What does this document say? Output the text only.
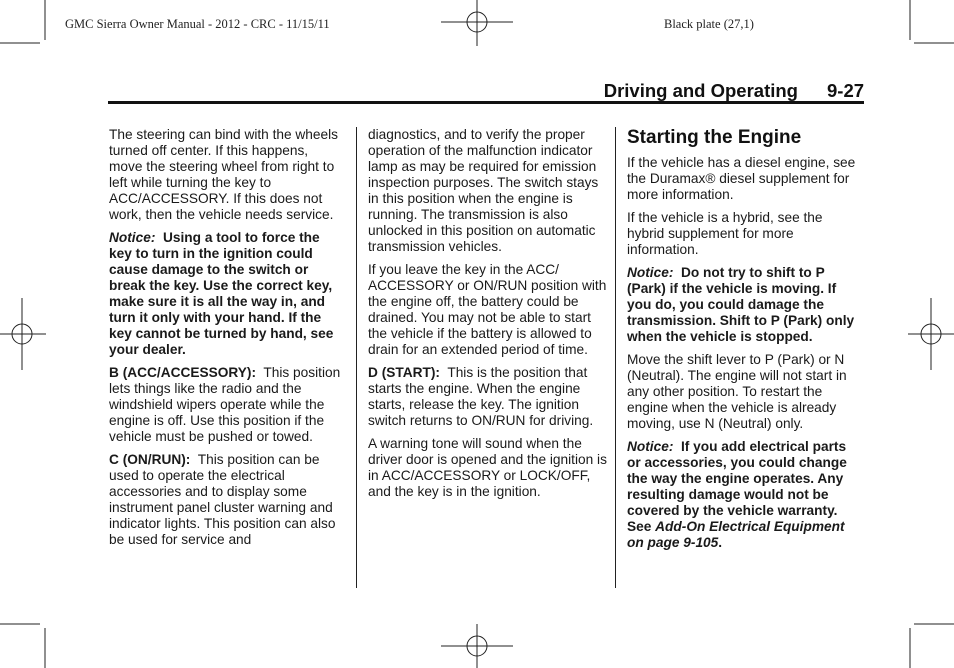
GMC Sierra Owner Manual - 2012 - CRC - 11/15/11	Black plate (27,1)
Driving and Operating 9-27

The steering can bind with the wheels turned off center. If this happens, move the steering wheel from right to left while turning the key to ACC/ACCESSORY. If this does not work, then the vehicle needs service.

Notice: Using a tool to force the key to turn in the ignition could cause damage to the switch or break the key. Use the correct key, make sure it is all the way in, and turn it only with your hand. If the key cannot be turned by hand, see your dealer.

B (ACC/ACCESSORY): This position lets things like the radio and the windshield wipers operate while the engine is off. Use this position if the vehicle must be pushed or towed.

C (ON/RUN): This position can be used to operate the electrical accessories and to display some instrument panel cluster warning and indicator lights. This position can also be used for service and

diagnostics, and to verify the proper operation of the malfunction indicator lamp as may be required for emission inspection purposes. The switch stays in this position when the engine is running. The transmission is also unlocked in this position on automatic transmission vehicles.

If you leave the key in the ACC/ ACCESSORY or ON/RUN position with the engine off, the battery could be drained. You may not be able to start the vehicle if the battery is allowed to drain for an extended period of time.

D (START): This is the position that starts the engine. When the engine starts, release the key. The ignition switch returns to ON/RUN for driving.

A warning tone will sound when the driver door is opened and the ignition is in ACC/ACCESSORY or LOCK/OFF, and the key is in the ignition.

Starting the Engine

If the vehicle has a diesel engine, see the Duramax® diesel supplement for more information.

If the vehicle is a hybrid, see the hybrid supplement for more information.

Notice: Do not try to shift to P (Park) if the vehicle is moving. If you do, you could damage the transmission. Shift to P (Park) only when the vehicle is stopped.

Move the shift lever to P (Park) or N (Neutral). The engine will not start in any other position. To restart the engine when the vehicle is already moving, use N (Neutral) only.

Notice: If you add electrical parts or accessories, you could change the way the engine operates. Any resulting damage would not be covered by the vehicle warranty. See Add-On Electrical Equipment on page 9-105.
